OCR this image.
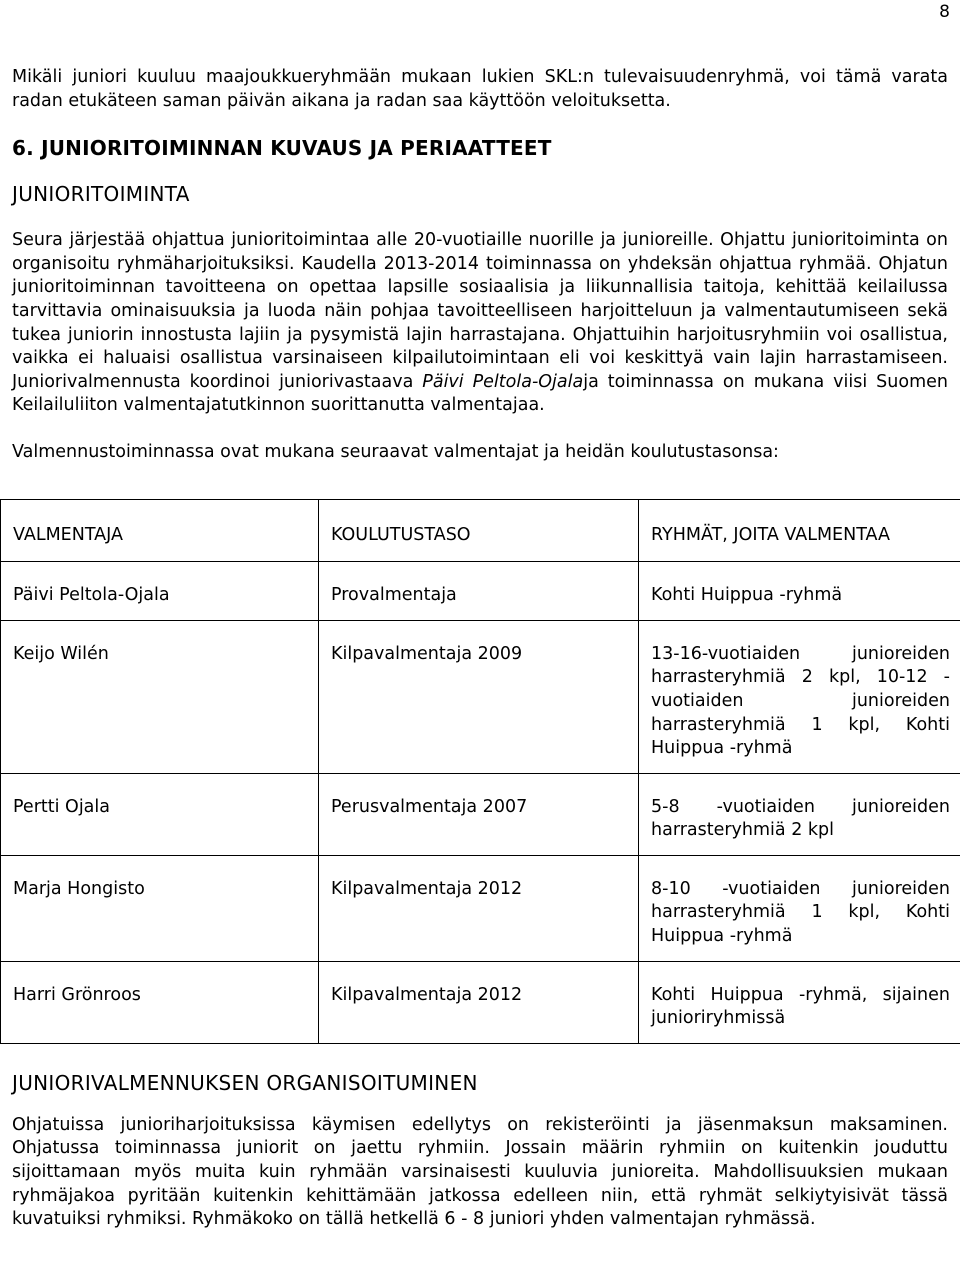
8

Mikäli juniori kuuluu maajoukkueryhmään mukaan lukien SKL:n tulevaisuudenryhmä, voi tämä varata radan etukäteen saman päivän aikana ja radan saa käyttöön veloituksetta.

6. JUNIORITOIMINNAN KUVAUS JA PERIAATTEET
JUNIORITOIMINTA

Seura järjestää ohjattua junioritoimintaa alle 20-vuotiaille nuorille ja junioreille. Ohjattu junioritoiminta on organisoitu ryhmäharjoituksiksi. Kaudella 2013-2014 toiminnassa on yhdeksän ohjattua ryhmää. Ohjatun junioritoiminnan tavoitteena on opettaa lapsille sosiaalisia ja liikunnallisia taitoja, kehittää keilailussa tarvittavia ominaisuuksia ja luoda näin pohjaa tavoitteelliseen harjoitteluun ja valmentautumiseen sekä tukea juniorin innostusta lajiin ja pysymistä lajin harrastajana. Ohjattuihin harjoitusryhmiin voi osallistua, vaikka ei haluaisi osallistua varsinaiseen kilpailutoimintaan eli voi keskittyä vain lajin harrastamiseen. Juniorivalmennusta koordinoi juniorivastaava Päivi Peltola-Ojalaja toiminnassa on mukana viisi Suomen Keilailuliiton valmentajatutkinnon suorittanutta valmentajaa.

Valmennustoiminnassa ovat mukana seuraavat valmentajat ja heidän koulutustasonsa:

VALMENTAJA	KOULUTUSTASO	RYHMÄT, JOITA VALMENTAA
Päivi Peltola-Ojala	Provalmentaja	Kohti Huippua -ryhmä
Keijo Wilén	Kilpavalmentaja 2009	13-16-vuotiaiden junioreiden harrasteryhmiä 2 kpl, 10-12 -vuotiaiden junioreiden harrasteryhmiä 1 kpl, Kohti Huippua -ryhmä
Pertti Ojala	Perusvalmentaja 2007	5-8 -vuotiaiden junioreiden harrasteryhmiä 2 kpl
Marja Hongisto	Kilpavalmentaja 2012	8-10 -vuotiaiden junioreiden harrasteryhmiä 1 kpl, Kohti Huippua -ryhmä
Harri Grönroos	Kilpavalmentaja 2012	Kohti Huippua -ryhmä, sijainen junioriryhmissä
JUNIORIVALMENNUKSEN ORGANISOITUMINEN

Ohjatuissa junioriharjoituksissa käymisen edellytys on rekisteröinti ja jäsenmaksun maksaminen. Ohjatussa toiminnassa juniorit on jaettu ryhmiin. Jossain määrin ryhmiin on kuitenkin jouduttu sijoittamaan myös muita kuin ryhmään varsinaisesti kuuluvia junioreita. Mahdollisuuksien mukaan ryhmäjakoa pyritään kuitenkin kehittämään jatkossa edelleen niin, että ryhmät selkiytyisivät tässä kuvatuiksi ryhmiksi. Ryhmäkoko on tällä hetkellä 6 - 8 juniori yhden valmentajan ryhmässä.
